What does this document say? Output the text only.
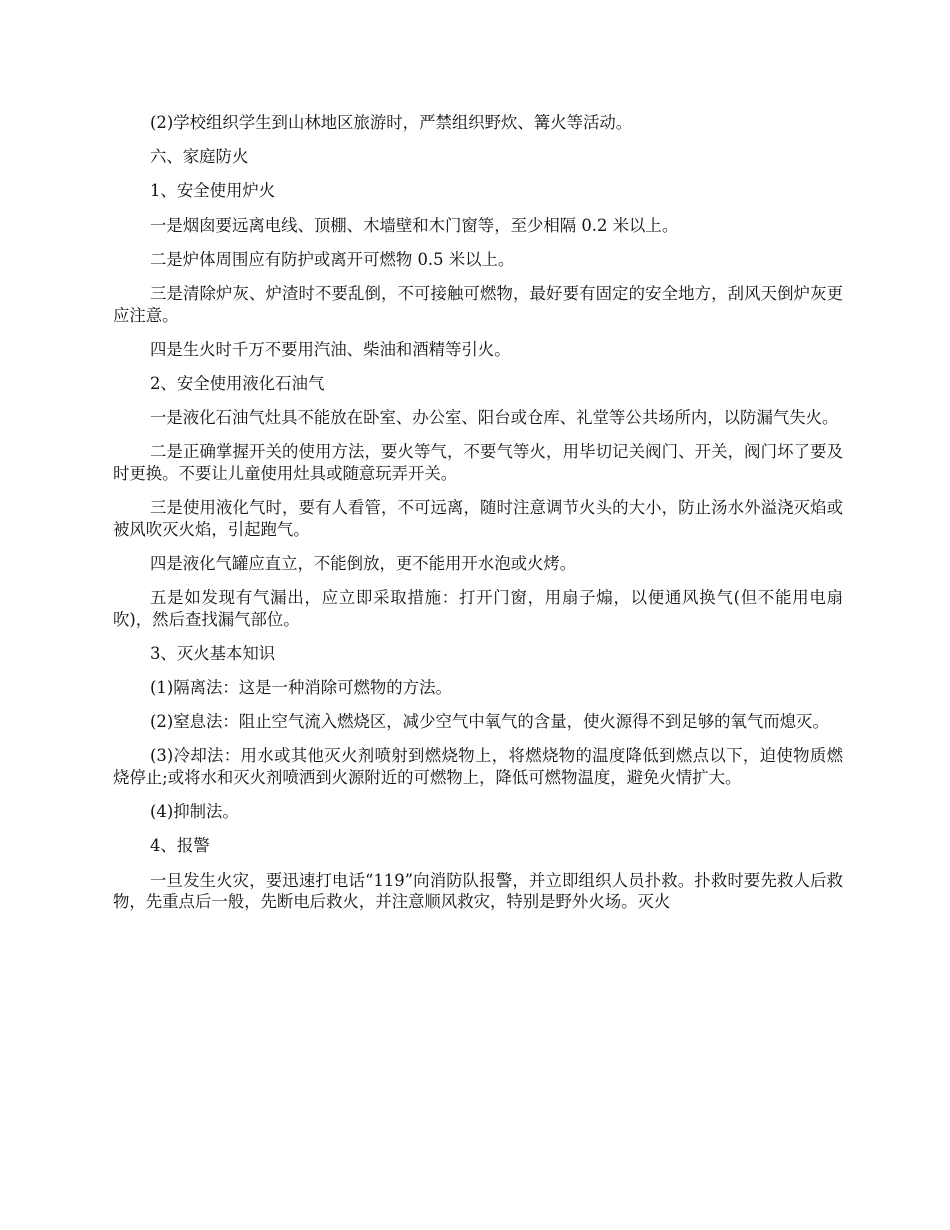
(2)学校组织学生到山林地区旅游时，严禁组织野炊、篝火等活动。

六、家庭防火

1、安全使用炉火

一是烟囱要远离电线、顶棚、木墙壁和木门窗等，至少相隔 0.2 米以上。

二是炉体周围应有防护或离开可燃物 0.5 米以上。

三是清除炉灰、炉渣时不要乱倒，不可接触可燃物，最好要有固定的安全地方，刮风天倒炉灰更应注意。

四是生火时千万不要用汽油、柴油和酒精等引火。

2、安全使用液化石油气

一是液化石油气灶具不能放在卧室、办公室、阳台或仓库、礼堂等公共场所内，以防漏气失火。

二是正确掌握开关的使用方法，要火等气，不要气等火，用毕切记关阀门、开关，阀门坏了要及时更换。不要让儿童使用灶具或随意玩弄开关。

三是使用液化气时，要有人看管，不可远离，随时注意调节火头的大小，防止汤水外溢浇灭焰或被风吹灭火焰，引起跑气。

四是液化气罐应直立，不能倒放，更不能用开水泡或火烤。

五是如发现有气漏出，应立即采取措施：打开门窗，用扇子煽，以便通风换气(但不能用电扇吹)，然后查找漏气部位。

3、灭火基本知识

(1)隔离法：这是一种消除可燃物的方法。

(2)窒息法：阻止空气流入燃烧区，减少空气中氧气的含量，使火源得不到足够的氧气而熄灭。

(3)冷却法：用水或其他灭火剂喷射到燃烧物上，将燃烧物的温度降低到燃点以下，迫使物质燃烧停止;或将水和灭火剂喷洒到火源附近的可燃物上，降低可燃物温度，避免火情扩大。

(4)抑制法。

4、报警

一旦发生火灾，要迅速打电话“119”向消防队报警，并立即组织人员扑救。扑救时要先救人后救物，先重点后一般，先断电后救火，并注意顺风救灾，特别是野外火场。灭火
